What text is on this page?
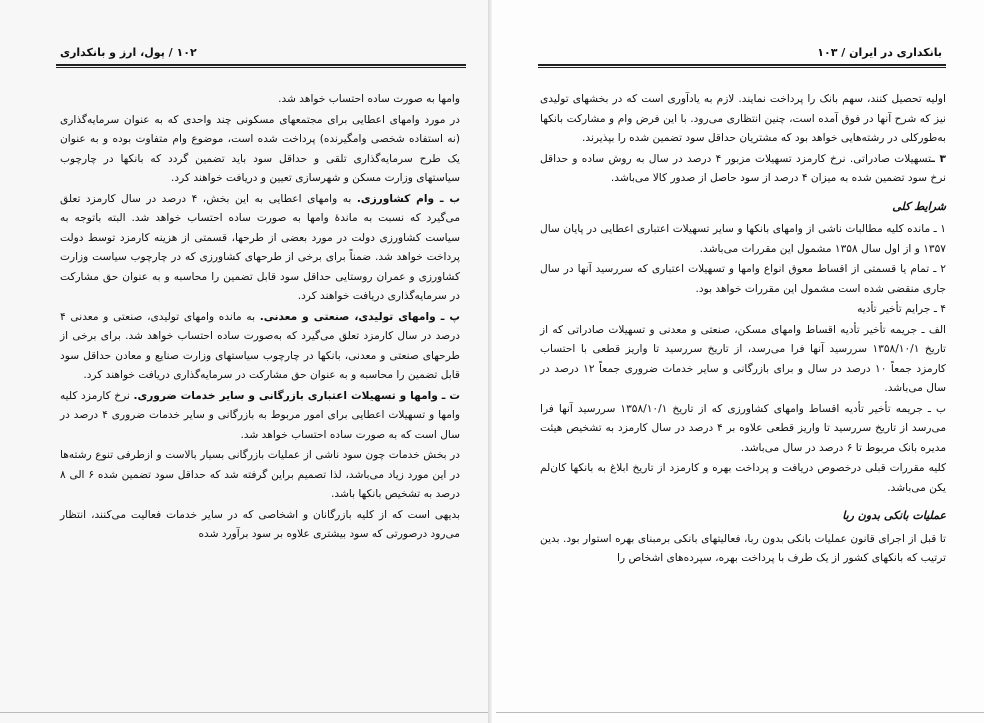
۱۰۲ / پول، ارز و بانکداری

وامها به صورت ساده احتساب خواهد شد.

در مورد وامهای اعطایی برای مجتمعهای مسکونی چند واحدی که به عنوان سرمایه‌گذاری (نه استفاده شخصی وامگیرنده) پرداخت شده است، موضوع وام متفاوت بوده و به عنوان یک طرح سرمایه‌گذاری تلقی و حداقل سود باید تضمین گردد که بانکها در چارچوب سیاستهای وزارت مسکن و شهرسازی تعیین و دریافت خواهند کرد.

ب ـ وام کشاورزی. به وامهای اعطایی به این بخش، ۴ درصد در سال کارمزد تعلق می‌گیرد که نسبت به ماندهٔ وامها به صورت ساده احتساب خواهد شد. البته باتوجه به سیاست کشاورزی دولت در مورد بعضی از طرحها، قسمتی از هزینه کارمزد توسط دولت پرداخت خواهد شد. ضمناً برای برخی از طرحهای کشاورزی که در چارچوب سیاست وزارت کشاورزی و عمران روستایی حداقل سود قابل تضمین را محاسبه و به عنوان حق مشارکت در سرمایه‌گذاری دریافت خواهند کرد.

پ ـ وامهای تولیدی، صنعتی و معدنی. به مانده وامهای تولیدی، صنعتی و معدنی ۴ درصد در سال کارمزد تعلق می‌گیرد که به‌صورت ساده احتساب خواهد شد. برای برخی از طرحهای صنعتی و معدنی، بانکها در چارچوب سیاستهای وزارت صنایع و معادن حداقل سود قابل تضمین را محاسبه و به عنوان حق مشارکت در سرمایه‌گذاری دریافت خواهند کرد.

ت ـ وامها و تسهیلات اعتباری بازرگانی و سایر خدمات ضروری. نرخ کارمزد کلیه وامها و تسهیلات اعطایی برای امور مربوط به بازرگانی و سایر خدمات ضروری ۴ درصد در سال است که به صورت ساده احتساب خواهد شد.

در بخش خدمات چون سود ناشی از عملیات بازرگانی بسیار بالاست و ازطرفی تنوع رشته‌ها در این مورد زیاد می‌باشد، لذا تصمیم براین گرفته شد که حداقل سود تضمین شده ۶ الی ۸ درصد به تشخیص بانکها باشد.

بدیهی است که از کلیه بازرگانان و اشخاصی که در سایر خدمات فعالیت می‌کنند، انتظار می‌رود درصورتی که سود بیشتری علاوه بر سود برآورد شده

بانکداری در ایران / ۱۰۳

اولیه تحصیل کنند، سهم بانک را پرداخت نمایند. لازم به یادآوری است که در بخشهای تولیدی نیز که شرح آنها در فوق آمده است، چنین انتظاری می‌رود. با این فرض وام و مشارکت بانکها به‌طورکلی در رشته‌هایی خواهد بود که مشتریان حداقل سود تضمین شده را بپذیرند.

۳ ـتسهیلات صادراتی. نرخ کارمزد تسهیلات مزبور ۴ درصد در سال به روش ساده و حداقل نرخ سود تضمین شده به میزان ۴ درصد از سود حاصل از صدور کالا می‌باشد.

شرایط کلی

۱ ـ مانده کلیه مطالبات ناشی از وامهای بانکها و سایر تسهیلات اعتباری اعطایی در پایان سال ۱۳۵۷ و از اول سال ۱۳۵۸ مشمول این مقررات می‌باشد.

۲ ـ تمام یا قسمتی از اقساط معوق انواع وامها و تسهیلات اعتباری که سررسید آنها در سال جاری منقضی شده است مشمول این مقررات خواهد بود.

۴ ـ جرایم تأخیر تأدیه

الف ـ جریمه تأخیر تأدیه اقساط وامهای مسکن، صنعتی و معدنی و تسهیلات صادراتی که از تاریخ ۱۳۵۸/۱۰/۱ سررسید آنها فرا می‌رسد، از تاریخ سررسید تا واریز قطعی با احتساب کارمزد جمعاً ۱۰ درصد در سال و برای بازرگانی و سایر خدمات ضروری جمعاً ۱۲ درصد در سال می‌باشد.

ب ـ جریمه تأخیر تأدیه اقساط وامهای کشاورزی که از تاریخ ۱۳۵۸/۱۰/۱ سررسید آنها فرا می‌رسد از تاریخ سررسید تا واریز قطعی علاوه بر ۴ درصد در سال کارمزد به تشخیص هیئت مدیره بانک مربوط تا ۶ درصد در سال می‌باشد.

کلیه مقررات قبلی درخصوص دریافت و پرداخت بهره و کارمزد از تاریخ ابلاغ به بانکها کان‌لم یکن می‌باشد.

عملیات بانکی بدون ربا

تا قبل از اجرای قانون عملیات بانکی بدون ربا، فعالیتهای بانکی برمبنای بهره استوار بود. بدین ترتیب که بانکهای کشور از یک طرف با پرداخت بهره، سپرده‌های اشخاص را
